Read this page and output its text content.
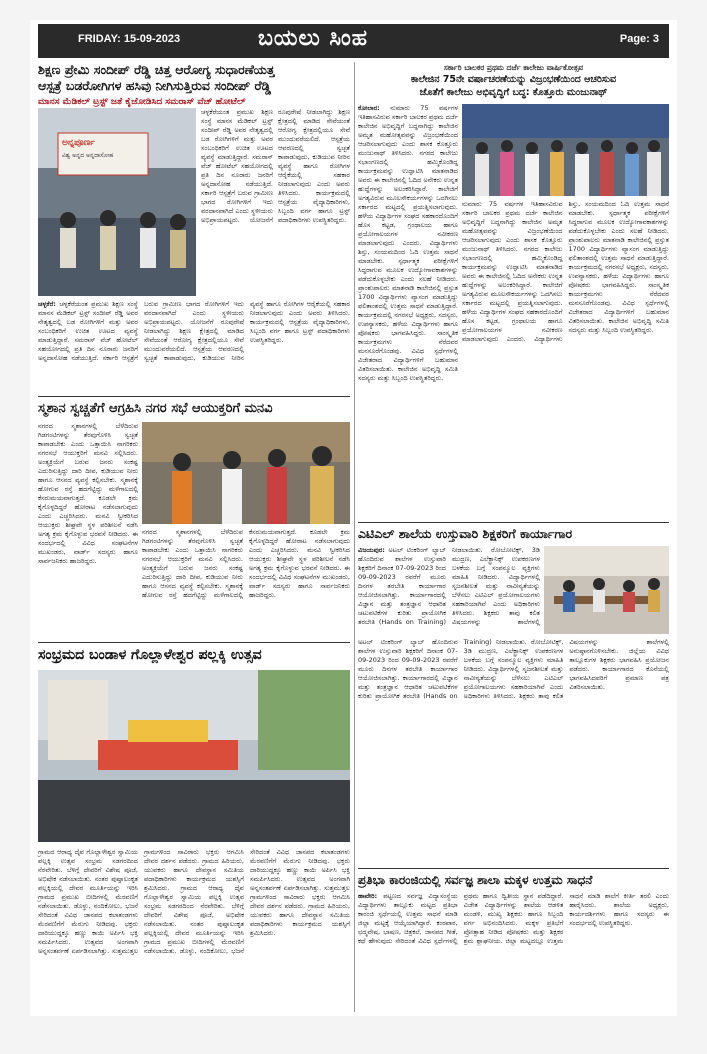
FRIDAY: 15-09-2023	ಬಯಲು ಸಿಂಹ	Page: 3
ಶಿಕ್ಷಣ ಪ್ರೇಮಿ ಸಂದೀಪ್ ರೆಡ್ಡಿ ಚಿತ್ತ ಆರೋಗ್ಯ ಸುಧಾರಣೆಯತ್ತ
ಆಸ್ಪತ್ರೆ ಬಡರೋಗಿಗಳ ಹಸಿವು ನೀಗಿಸುತ್ತಿರುವ ಸಂದೀಪ್ ರೆಡ್ಡಿ
ಮಾನಸ ಮೆಡಿಕಲ್ ಟ್ರಸ್ಟ್ ಜತೆ ಕೈಜೋಡಿಸಿದ ಸಮರಾಸ್ ವೆಜ್ ಹೋಟೆಲ್
ಅನ್ನಪೂರ್ಣ
ವಿಶ್ವ ಅನ್ನದ ಅನ್ನದಾಸೋಹ
ಚಳ್ಳಕೆರೆಯಂತ ಪ್ರಮುಖ ಶಿಕ್ಷಣ ಸಂಸ್ಥೆ ಮಾನಸ ಮೆಡಿಕಲ್ ಟ್ರಸ್ಟ್ ಸಂದೀಪ್ ರೆಡ್ಡಿ ಅವರ ನೇತೃತ್ವದಲ್ಲಿ ಬಡ ರೋಗಿಗಳಿಗೆ ಮತ್ತು ಅವರ ಸಂಬಂಧಿಕರಿಗೆ ಉಚಿತ ಊಟದ ವ್ಯವಸ್ಥೆ ಮಾಡುತ್ತಿದ್ದಾರೆ. ಸಮರಾಸ್ ವೆಜ್ ಹೋಟೆಲ್ ಸಹಯೋಗದಲ್ಲಿ ಪ್ರತಿ ದಿನ ನೂರಾರು ಜನರಿಗೆ ಅನ್ನದಾಸೋಹ ನಡೆಯುತ್ತಿದೆ. ಸರ್ಕಾರಿ ಆಸ್ಪತ್ರೆಗೆ ಬರುವ ಗ್ರಾಮೀಣ ಭಾಗದ ರೋಗಿಗಳಿಗೆ ಇದು ವರದಾನವಾಗಿದೆ ಎಂದು ಸ್ಥಳೀಯರು ಅಭಿಪ್ರಾಯಪಟ್ಟರು. ಯೋಜನೆಗೆ ರೂಪುರೇಷೆ ನೀಡಲಾಗಿದ್ದು ಶಿಕ್ಷಣ ಕ್ಷೇತ್ರದಲ್ಲಿ ಮಾಡಿದ ಸೇವೆಯಂತೆ ಆರೋಗ್ಯ ಕ್ಷೇತ್ರದಲ್ಲಿಯೂ ಸೇವೆ ಮುಂದುವರೆಯಲಿದೆ. ಆಸ್ಪತ್ರೆಯ ಆವರಣದಲ್ಲಿ ಸ್ವಚ್ಛತೆ ಕಾಪಾಡುವುದು, ಕುಡಿಯುವ ನೀರಿನ ವ್ಯವಸ್ಥೆ ಹಾಗೂ ರೋಗಿಗಳ ಆರೈಕೆಯಲ್ಲಿ ಸಹಕಾರ ನೀಡಲಾಗುವುದು ಎಂದು ಅವರು ತಿಳಿಸಿದರು. ಕಾರ್ಯಕ್ರಮದಲ್ಲಿ ಆಸ್ಪತ್ರೆಯ ವೈದ್ಯಾಧಿಕಾರಿಗಳು, ಸಿಬ್ಬಂದಿ ವರ್ಗ ಹಾಗೂ ಟ್ರಸ್ಟ್ ಪದಾಧಿಕಾರಿಗಳು ಉಪಸ್ಥಿತರಿದ್ದರು.
ಚಳ್ಳಕೆರೆ: ಚಳ್ಳಕೆರೆಯಂತ ಪ್ರಮುಖ ಶಿಕ್ಷಣ ಸಂಸ್ಥೆ ಮಾನಸ ಮೆಡಿಕಲ್ ಟ್ರಸ್ಟ್ ಸಂದೀಪ್ ರೆಡ್ಡಿ ಅವರ ನೇತೃತ್ವದಲ್ಲಿ ಬಡ ರೋಗಿಗಳಿಗೆ ಮತ್ತು ಅವರ ಸಂಬಂಧಿಕರಿಗೆ ಉಚಿತ ಊಟದ ವ್ಯವಸ್ಥೆ ಮಾಡುತ್ತಿದ್ದಾರೆ. ಸಮರಾಸ್ ವೆಜ್ ಹೋಟೆಲ್ ಸಹಯೋಗದಲ್ಲಿ ಪ್ರತಿ ದಿನ ನೂರಾರು ಜನರಿಗೆ ಅನ್ನದಾಸೋಹ ನಡೆಯುತ್ತಿದೆ. ಸರ್ಕಾರಿ ಆಸ್ಪತ್ರೆಗೆ ಬರುವ ಗ್ರಾಮೀಣ ಭಾಗದ ರೋಗಿಗಳಿಗೆ ಇದು ವರದಾನವಾಗಿದೆ ಎಂದು ಸ್ಥಳೀಯರು ಅಭಿಪ್ರಾಯಪಟ್ಟರು. ಯೋಜನೆಗೆ ರೂಪುರೇಷೆ ನೀಡಲಾಗಿದ್ದು ಶಿಕ್ಷಣ ಕ್ಷೇತ್ರದಲ್ಲಿ ಮಾಡಿದ ಸೇವೆಯಂತೆ ಆರೋಗ್ಯ ಕ್ಷೇತ್ರದಲ್ಲಿಯೂ ಸೇವೆ ಮುಂದುವರೆಯಲಿದೆ. ಆಸ್ಪತ್ರೆಯ ಆವರಣದಲ್ಲಿ ಸ್ವಚ್ಛತೆ ಕಾಪಾಡುವುದು, ಕುಡಿಯುವ ನೀರಿನ ವ್ಯವಸ್ಥೆ ಹಾಗೂ ರೋಗಿಗಳ ಆರೈಕೆಯಲ್ಲಿ ಸಹಕಾರ ನೀಡಲಾಗುವುದು ಎಂದು ಅವರು ತಿಳಿಸಿದರು. ಕಾರ್ಯಕ್ರಮದಲ್ಲಿ ಆಸ್ಪತ್ರೆಯ ವೈದ್ಯಾಧಿಕಾರಿಗಳು, ಸಿಬ್ಬಂದಿ ವರ್ಗ ಹಾಗೂ ಟ್ರಸ್ಟ್ ಪದಾಧಿಕಾರಿಗಳು ಉಪಸ್ಥಿತರಿದ್ದರು.
ಸ್ಮಶಾನ ಸ್ವಚ್ಚತೆಗೆ ಆಗ್ರಹಿಸಿ ನಗರ ಸಭೆ ಆಯುಕ್ತರಿಗೆ ಮನವಿ
ನಗರದ ಸ್ಮಶಾನಗಳಲ್ಲಿ ಬೆಳೆದಿರುವ ಗಿಡಗಂಟಿಗಳನ್ನು ತೆರವುಗೊಳಿಸಿ ಸ್ವಚ್ಛತೆ ಕಾಪಾಡಬೇಕು ಎಂದು ಒತ್ತಾಯಿಸಿ ನಾಗರಿಕರು ನಗರಸಭೆ ಆಯುಕ್ತರಿಗೆ ಮನವಿ ಸಲ್ಲಿಸಿದರು. ಅಂತ್ಯಕ್ರಿಯೆಗೆ ಬರುವ ಜನರು ಸಂಕಷ್ಟ ಎದುರಿಸುತ್ತಿದ್ದು ದಾರಿ ದೀಪ, ಕುಡಿಯುವ ನೀರು ಹಾಗೂ ಆಸನದ ವ್ಯವಸ್ಥೆ ಕಲ್ಪಿಸಬೇಕು. ಸ್ಮಶಾನಕ್ಕೆ ಹೋಗುವ ರಸ್ತೆ ಹದಗೆಟ್ಟಿದ್ದು ಮಳೆಗಾಲದಲ್ಲಿ ಕೆಸರುಮಯವಾಗುತ್ತದೆ. ಕೂಡಲೇ ಕ್ರಮ ಕೈಗೊಳ್ಳದಿದ್ದರೆ ಹೋರಾಟ ನಡೆಸಲಾಗುವುದು ಎಂದು ಎಚ್ಚರಿಸಿದರು. ಮನವಿ ಸ್ವೀಕರಿಸಿದ ಆಯುಕ್ತರು ಶೀಘ್ರವೇ ಸ್ಥಳ ಪರಿಶೀಲನೆ ನಡೆಸಿ ಅಗತ್ಯ ಕ್ರಮ ಕೈಗೊಳ್ಳುವ ಭರವಸೆ ನೀಡಿದರು. ಈ ಸಂದರ್ಭದಲ್ಲಿ ವಿವಿಧ ಸಂಘಟನೆಗಳ ಮುಖಂಡರು, ವಾರ್ಡ್ ಸದಸ್ಯರು ಹಾಗೂ ಸಾರ್ವಜನಿಕರು ಹಾಜರಿದ್ದರು.
ನಗರದ ಸ್ಮಶಾನಗಳಲ್ಲಿ ಬೆಳೆದಿರುವ ಗಿಡಗಂಟಿಗಳನ್ನು ತೆರವುಗೊಳಿಸಿ ಸ್ವಚ್ಛತೆ ಕಾಪಾಡಬೇಕು ಎಂದು ಒತ್ತಾಯಿಸಿ ನಾಗರಿಕರು ನಗರಸಭೆ ಆಯುಕ್ತರಿಗೆ ಮನವಿ ಸಲ್ಲಿಸಿದರು. ಅಂತ್ಯಕ್ರಿಯೆಗೆ ಬರುವ ಜನರು ಸಂಕಷ್ಟ ಎದುರಿಸುತ್ತಿದ್ದು ದಾರಿ ದೀಪ, ಕುಡಿಯುವ ನೀರು ಹಾಗೂ ಆಸನದ ವ್ಯವಸ್ಥೆ ಕಲ್ಪಿಸಬೇಕು. ಸ್ಮಶಾನಕ್ಕೆ ಹೋಗುವ ರಸ್ತೆ ಹದಗೆಟ್ಟಿದ್ದು ಮಳೆಗಾಲದಲ್ಲಿ ಕೆಸರುಮಯವಾಗುತ್ತದೆ. ಕೂಡಲೇ ಕ್ರಮ ಕೈಗೊಳ್ಳದಿದ್ದರೆ ಹೋರಾಟ ನಡೆಸಲಾಗುವುದು ಎಂದು ಎಚ್ಚರಿಸಿದರು. ಮನವಿ ಸ್ವೀಕರಿಸಿದ ಆಯುಕ್ತರು ಶೀಘ್ರವೇ ಸ್ಥಳ ಪರಿಶೀಲನೆ ನಡೆಸಿ ಅಗತ್ಯ ಕ್ರಮ ಕೈಗೊಳ್ಳುವ ಭರವಸೆ ನೀಡಿದರು. ಈ ಸಂದರ್ಭದಲ್ಲಿ ವಿವಿಧ ಸಂಘಟನೆಗಳ ಮುಖಂಡರು, ವಾರ್ಡ್ ಸದಸ್ಯರು ಹಾಗೂ ಸಾರ್ವಜನಿಕರು ಹಾಜರಿದ್ದರು.
ಸಂಭ್ರಮದ ಬಂಡಾಳ ಗೊಲ್ಲಾಳೇಶ್ವರ ಪಲ್ಲಕ್ಕಿ ಉತ್ಸವ
ಗ್ರಾಮದ ಆರಾಧ್ಯ ದೈವ ಗೊಲ್ಲಾಳೇಶ್ವರ ಸ್ವಾಮಿಯ ಪಲ್ಲಕ್ಕಿ ಉತ್ಸವ ಸಂಭ್ರಮ ಸಡಗರದಿಂದ ನೆರವೇರಿತು. ಬೆಳಿಗ್ಗೆ ದೇವರಿಗೆ ವಿಶೇಷ ಪೂಜೆ, ಅಭಿಷೇಕ ನಡೆಸಲಾಯಿತು. ನಂತರ ಪುಷ್ಪಾಲಂಕೃತ ಪಲ್ಲಕ್ಕಿಯಲ್ಲಿ ದೇವರ ಮೂರ್ತಿಯನ್ನು ಇರಿಸಿ ಗ್ರಾಮದ ಪ್ರಮುಖ ಬೀದಿಗಳಲ್ಲಿ ಮೆರವಣಿಗೆ ನಡೆಸಲಾಯಿತು. ಡೊಳ್ಳು, ನಂದಿಕೋಲು, ಭಜನೆ ಸೇರಿದಂತೆ ವಿವಿಧ ಜಾನಪದ ಕಲಾತಂಡಗಳು ಮೆರವಣಿಗೆಗೆ ಮೆರುಗು ನೀಡಿದವು. ಭಕ್ತರು ದಾರಿಯುದ್ದಕ್ಕೂ ಹಣ್ಣು ಕಾಯಿ ಅರ್ಪಿಸಿ ಭಕ್ತಿ ಸಮರ್ಪಿಸಿದರು. ಉತ್ಸವದ ಅಂಗವಾಗಿ ಅನ್ನಸಂತರ್ಪಣೆ ಏರ್ಪಡಿಸಲಾಗಿತ್ತು. ಸುತ್ತಮುತ್ತಲ ಗ್ರಾಮಗಳಿಂದ ಸಾವಿರಾರು ಭಕ್ತರು ಆಗಮಿಸಿ ದೇವರ ದರ್ಶನ ಪಡೆದರು. ಗ್ರಾಮದ ಹಿರಿಯರು, ಯುವಕರು ಹಾಗೂ ದೇವಸ್ಥಾನ ಸಮಿತಿಯ ಪದಾಧಿಕಾರಿಗಳು ಕಾರ್ಯಕ್ರಮದ ಯಶಸ್ಸಿಗೆ ಶ್ರಮಿಸಿದರು. ಗ್ರಾಮದ ಆರಾಧ್ಯ ದೈವ ಗೊಲ್ಲಾಳೇಶ್ವರ ಸ್ವಾಮಿಯ ಪಲ್ಲಕ್ಕಿ ಉತ್ಸವ ಸಂಭ್ರಮ ಸಡಗರದಿಂದ ನೆರವೇರಿತು. ಬೆಳಿಗ್ಗೆ ದೇವರಿಗೆ ವಿಶೇಷ ಪೂಜೆ, ಅಭಿಷೇಕ ನಡೆಸಲಾಯಿತು. ನಂತರ ಪುಷ್ಪಾಲಂಕೃತ ಪಲ್ಲಕ್ಕಿಯಲ್ಲಿ ದೇವರ ಮೂರ್ತಿಯನ್ನು ಇರಿಸಿ ಗ್ರಾಮದ ಪ್ರಮುಖ ಬೀದಿಗಳಲ್ಲಿ ಮೆರವಣಿಗೆ ನಡೆಸಲಾಯಿತು. ಡೊಳ್ಳು, ನಂದಿಕೋಲು, ಭಜನೆ ಸೇರಿದಂತೆ ವಿವಿಧ ಜಾನಪದ ಕಲಾತಂಡಗಳು ಮೆರವಣಿಗೆಗೆ ಮೆರುಗು ನೀಡಿದವು. ಭಕ್ತರು ದಾರಿಯುದ್ದಕ್ಕೂ ಹಣ್ಣು ಕಾಯಿ ಅರ್ಪಿಸಿ ಭಕ್ತಿ ಸಮರ್ಪಿಸಿದರು. ಉತ್ಸವದ ಅಂಗವಾಗಿ ಅನ್ನಸಂತರ್ಪಣೆ ಏರ್ಪಡಿಸಲಾಗಿತ್ತು. ಸುತ್ತಮುತ್ತಲ ಗ್ರಾಮಗಳಿಂದ ಸಾವಿರಾರು ಭಕ್ತರು ಆಗಮಿಸಿ ದೇವರ ದರ್ಶನ ಪಡೆದರು. ಗ್ರಾಮದ ಹಿರಿಯರು, ಯುವಕರು ಹಾಗೂ ದೇವಸ್ಥಾನ ಸಮಿತಿಯ ಪದಾಧಿಕಾರಿಗಳು ಕಾರ್ಯಕ್ರಮದ ಯಶಸ್ಸಿಗೆ ಶ್ರಮಿಸಿದರು.
ಸರ್ಕಾರಿ ಬಾಲಕರ ಪ್ರಥಮ ದರ್ಜೆ ಕಾಲೇಜು ವಾರ್ಷಿಕೋತ್ಸವ
ಕಾಲೇಜಿನ 75ನೇ ವರ್ಷಾಚರಣೆಯನ್ನು ವಿಜ್ರಂಭಣೆಯಿಂದ ಆಚರಿಸುವ
ಜೊತೆಗೆ ಕಾಲೇಜು ಅಭಿವೃದ್ಧಿಗೆ ಬದ್ಧ: ಕೊತ್ತೂರು ಮಂಜುನಾಥ್
ಕೋಲಾರ: ನುಮಾರು 75 ವರ್ಷಗಳ ಇತಿಹಾಸವಿರುವ ಸರ್ಕಾರಿ ಬಾಲಕರ ಪ್ರಥಮ ದರ್ಜೆ ಕಾಲೇಜಿನ ಅಭಿವೃದ್ಧಿಗೆ ಬದ್ಧನಾಗಿದ್ದು ಕಾಲೇಜಿನ ಅಮೃತ ಮಹೋತ್ಸವವನ್ನು ವಿಜ್ರಂಭಣೆಯಿಂದ ಆಚರಿಸಲಾಗುವುದು ಎಂದು ಶಾಸಕ ಕೊತ್ತೂರು ಮಂಜುನಾಥ್ ತಿಳಿಸಿದರು. ನಗರದ ಕಾಲೇಜು ಸಭಾಂಗಣದಲ್ಲಿ ಹಮ್ಮಿಕೊಂಡಿದ್ದ ಕಾರ್ಯಕ್ರಮವನ್ನು ಉದ್ಘಾಟಿಸಿ ಮಾತನಾಡಿದ ಅವರು ಈ ಕಾಲೇಜಿನಲ್ಲಿ ಓದಿದ ಅನೇಕರು ಉನ್ನತ ಹುದ್ದೆಗಳನ್ನು ಅಲಂಕರಿಸಿದ್ದಾರೆ. ಕಾಲೇಜಿಗೆ ಅಗತ್ಯವಿರುವ ಮೂಲಸೌಕರ್ಯಗಳನ್ನು ಒದಗಿಸಲು ಸರ್ಕಾರದ ಮಟ್ಟದಲ್ಲಿ ಪ್ರಯತ್ನಿಸಲಾಗುವುದು. ಹಳೆಯ ವಿದ್ಯಾರ್ಥಿಗಳ ಸಂಘದ ಸಹಕಾರದೊಂದಿಗೆ ಹೊಸ ಕಟ್ಟಡ, ಗ್ರಂಥಾಲಯ ಹಾಗೂ ಪ್ರಯೋಗಾಲಯಗಳ ನವೀಕರಣ ಮಾಡಲಾಗುವುದು ಎಂದರು. ವಿದ್ಯಾರ್ಥಿಗಳು ಶಿಸ್ತು, ಸಂಯಮದಿಂದ ಓದಿ ಉತ್ತಮ ಸಾಧನೆ ಮಾಡಬೇಕು. ಸ್ಪರ್ಧಾತ್ಮಕ ಪರೀಕ್ಷೆಗಳಿಗೆ ಸಿದ್ಧರಾಗುವ ಮೂಲಕ ಉದ್ಯೋಗಾವಕಾಶಗಳನ್ನು ಪಡೆದುಕೊಳ್ಳಬೇಕು ಎಂದು ಸಲಹೆ ನೀಡಿದರು. ಪ್ರಾಂಶುಪಾಲರು ಮಾತನಾಡಿ ಕಾಲೇಜಿನಲ್ಲಿ ಪ್ರಸ್ತುತ 1700 ವಿದ್ಯಾರ್ಥಿಗಳು ವ್ಯಾಸಂಗ ಮಾಡುತ್ತಿದ್ದು ಫಲಿತಾಂಶದಲ್ಲಿ ಉತ್ತಮ ಸಾಧನೆ ಮಾಡುತ್ತಿದ್ದಾರೆ. ಕಾರ್ಯಕ್ರಮದಲ್ಲಿ ನಗರಸಭೆ ಅಧ್ಯಕ್ಷರು, ಸದಸ್ಯರು, ಉಪನ್ಯಾಸಕರು, ಹಳೆಯ ವಿದ್ಯಾರ್ಥಿಗಳು ಹಾಗೂ ಪೋಷಕರು ಭಾಗವಹಿಸಿದ್ದರು. ಸಾಂಸ್ಕೃತಿಕ ಕಾರ್ಯಕ್ರಮಗಳು ನೆರೆದವರ ಮನಸೂರೆಗೊಂಡವು. ವಿವಿಧ ಸ್ಪರ್ಧೆಗಳಲ್ಲಿ ವಿಜೇತರಾದ ವಿದ್ಯಾರ್ಥಿಗಳಿಗೆ ಬಹುಮಾನ ವಿತರಿಸಲಾಯಿತು. ಕಾಲೇಜಿನ ಅಭಿವೃದ್ಧಿ ಸಮಿತಿ ಸದಸ್ಯರು ಮತ್ತು ಸಿಬ್ಬಂದಿ ಉಪಸ್ಥಿತರಿದ್ದರು.
ನುಮಾರು 75 ವರ್ಷಗಳ ಇತಿಹಾಸವಿರುವ ಸರ್ಕಾರಿ ಬಾಲಕರ ಪ್ರಥಮ ದರ್ಜೆ ಕಾಲೇಜಿನ ಅಭಿವೃದ್ಧಿಗೆ ಬದ್ಧನಾಗಿದ್ದು ಕಾಲೇಜಿನ ಅಮೃತ ಮಹೋತ್ಸವವನ್ನು ವಿಜ್ರಂಭಣೆಯಿಂದ ಆಚರಿಸಲಾಗುವುದು ಎಂದು ಶಾಸಕ ಕೊತ್ತೂರು ಮಂಜುನಾಥ್ ತಿಳಿಸಿದರು. ನಗರದ ಕಾಲೇಜು ಸಭಾಂಗಣದಲ್ಲಿ ಹಮ್ಮಿಕೊಂಡಿದ್ದ ಕಾರ್ಯಕ್ರಮವನ್ನು ಉದ್ಘಾಟಿಸಿ ಮಾತನಾಡಿದ ಅವರು ಈ ಕಾಲೇಜಿನಲ್ಲಿ ಓದಿದ ಅನೇಕರು ಉನ್ನತ ಹುದ್ದೆಗಳನ್ನು ಅಲಂಕರಿಸಿದ್ದಾರೆ. ಕಾಲೇಜಿಗೆ ಅಗತ್ಯವಿರುವ ಮೂಲಸೌಕರ್ಯಗಳನ್ನು ಒದಗಿಸಲು ಸರ್ಕಾರದ ಮಟ್ಟದಲ್ಲಿ ಪ್ರಯತ್ನಿಸಲಾಗುವುದು. ಹಳೆಯ ವಿದ್ಯಾರ್ಥಿಗಳ ಸಂಘದ ಸಹಕಾರದೊಂದಿಗೆ ಹೊಸ ಕಟ್ಟಡ, ಗ್ರಂಥಾಲಯ ಹಾಗೂ ಪ್ರಯೋಗಾಲಯಗಳ ನವೀಕರಣ ಮಾಡಲಾಗುವುದು ಎಂದರು. ವಿದ್ಯಾರ್ಥಿಗಳು ಶಿಸ್ತು, ಸಂಯಮದಿಂದ ಓದಿ ಉತ್ತಮ ಸಾಧನೆ ಮಾಡಬೇಕು. ಸ್ಪರ್ಧಾತ್ಮಕ ಪರೀಕ್ಷೆಗಳಿಗೆ ಸಿದ್ಧರಾಗುವ ಮೂಲಕ ಉದ್ಯೋಗಾವಕಾಶಗಳನ್ನು ಪಡೆದುಕೊಳ್ಳಬೇಕು ಎಂದು ಸಲಹೆ ನೀಡಿದರು. ಪ್ರಾಂಶುಪಾಲರು ಮಾತನಾಡಿ ಕಾಲೇಜಿನಲ್ಲಿ ಪ್ರಸ್ತುತ 1700 ವಿದ್ಯಾರ್ಥಿಗಳು ವ್ಯಾಸಂಗ ಮಾಡುತ್ತಿದ್ದು ಫಲಿತಾಂಶದಲ್ಲಿ ಉತ್ತಮ ಸಾಧನೆ ಮಾಡುತ್ತಿದ್ದಾರೆ. ಕಾರ್ಯಕ್ರಮದಲ್ಲಿ ನಗರಸಭೆ ಅಧ್ಯಕ್ಷರು, ಸದಸ್ಯರು, ಉಪನ್ಯಾಸಕರು, ಹಳೆಯ ವಿದ್ಯಾರ್ಥಿಗಳು ಹಾಗೂ ಪೋಷಕರು ಭಾಗವಹಿಸಿದ್ದರು. ಸಾಂಸ್ಕೃತಿಕ ಕಾರ್ಯಕ್ರಮಗಳು ನೆರೆದವರ ಮನಸೂರೆಗೊಂಡವು. ವಿವಿಧ ಸ್ಪರ್ಧೆಗಳಲ್ಲಿ ವಿಜೇತರಾದ ವಿದ್ಯಾರ್ಥಿಗಳಿಗೆ ಬಹುಮಾನ ವಿತರಿಸಲಾಯಿತು. ಕಾಲೇಜಿನ ಅಭಿವೃದ್ಧಿ ಸಮಿತಿ ಸದಸ್ಯರು ಮತ್ತು ಸಿಬ್ಬಂದಿ ಉಪಸ್ಥಿತರಿದ್ದರು.
ಎಟಿಎಲ್ ಶಾಲೆಯ ಉಸ್ತುವಾರಿ ಶಿಕ್ಷಕರಿಗೆ ಕಾರ್ಯಾಗಾರ
ವಿಜಯಪುರ: ಅಟಲ್ ಟಿಂಕರಿಂಗ್ ಲ್ಯಾಬ್ ಹೊಂದಿರುವ ಶಾಲೆಗಳ ಉಸ್ತುವಾರಿ ಶಿಕ್ಷಕರಿಗೆ ದಿನಾಂಕ 07-09-2023 ರಿಂದ 09-09-2023 ರವರೆಗೆ ಮೂರು ದಿನಗಳ ತರಬೇತಿ ಕಾರ್ಯಾಗಾರ ಆಯೋಜಿಸಲಾಗಿತ್ತು. ಕಾರ್ಯಾಗಾರದಲ್ಲಿ ವಿಜ್ಞಾನ ಮತ್ತು ತಂತ್ರಜ್ಞಾನ ಆಧಾರಿತ ಚಟುವಟಿಕೆಗಳ ಕುರಿತು ಪ್ರಾಯೋಗಿಕ ತರಬೇತಿ (Hands on Training) ನೀಡಲಾಯಿತು. ರೋಬೋಟಿಕ್ಸ್, 3ಡಿ ಮುದ್ರಣ, ಎಲೆಕ್ಟ್ರಾನಿಕ್ಸ್ ಉಪಕರಣಗಳ ಬಳಕೆಯ ಬಗ್ಗೆ ಸಂಪನ್ಮೂಲ ವ್ಯಕ್ತಿಗಳು ಮಾಹಿತಿ ನೀಡಿದರು. ವಿದ್ಯಾರ್ಥಿಗಳಲ್ಲಿ ಸೃಜನಶೀಲತೆ ಮತ್ತು ನಾವೀನ್ಯತೆಯನ್ನು ಬೆಳೆಸಲು ಎಟಿಎಲ್ ಪ್ರಯೋಗಾಲಯಗಳು ಸಹಕಾರಿಯಾಗಿವೆ ಎಂದು ಅಧಿಕಾರಿಗಳು ತಿಳಿಸಿದರು. ಶಿಕ್ಷಕರು ತಾವು ಕಲಿತ ವಿಷಯಗಳನ್ನು ಶಾಲೆಗಳಲ್ಲಿ
ಅಟಲ್ ಟಿಂಕರಿಂಗ್ ಲ್ಯಾಬ್ ಹೊಂದಿರುವ ಶಾಲೆಗಳ ಉಸ್ತುವಾರಿ ಶಿಕ್ಷಕರಿಗೆ ದಿನಾಂಕ 07-09-2023 ರಿಂದ 09-09-2023 ರವರೆಗೆ ಮೂರು ದಿನಗಳ ತರಬೇತಿ ಕಾರ್ಯಾಗಾರ ಆಯೋಜಿಸಲಾಗಿತ್ತು. ಕಾರ್ಯಾಗಾರದಲ್ಲಿ ವಿಜ್ಞಾನ ಮತ್ತು ತಂತ್ರಜ್ಞಾನ ಆಧಾರಿತ ಚಟುವಟಿಕೆಗಳ ಕುರಿತು ಪ್ರಾಯೋಗಿಕ ತರಬೇತಿ (Hands on Training) ನೀಡಲಾಯಿತು. ರೋಬೋಟಿಕ್ಸ್, 3ಡಿ ಮುದ್ರಣ, ಎಲೆಕ್ಟ್ರಾನಿಕ್ಸ್ ಉಪಕರಣಗಳ ಬಳಕೆಯ ಬಗ್ಗೆ ಸಂಪನ್ಮೂಲ ವ್ಯಕ್ತಿಗಳು ಮಾಹಿತಿ ನೀಡಿದರು. ವಿದ್ಯಾರ್ಥಿಗಳಲ್ಲಿ ಸೃಜನಶೀಲತೆ ಮತ್ತು ನಾವೀನ್ಯತೆಯನ್ನು ಬೆಳೆಸಲು ಎಟಿಎಲ್ ಪ್ರಯೋಗಾಲಯಗಳು ಸಹಕಾರಿಯಾಗಿವೆ ಎಂದು ಅಧಿಕಾರಿಗಳು ತಿಳಿಸಿದರು. ಶಿಕ್ಷಕರು ತಾವು ಕಲಿತ ವಿಷಯಗಳನ್ನು ಶಾಲೆಗಳಲ್ಲಿ ಅನುಷ್ಠಾನಗೊಳಿಸಬೇಕು. ಜಿಲ್ಲೆಯ ವಿವಿಧ ತಾಲ್ಲೂಕುಗಳ ಶಿಕ್ಷಕರು ಭಾಗವಹಿಸಿ ಪ್ರಯೋಜನ ಪಡೆದರು. ಕಾರ್ಯಾಗಾರದ ಕೊನೆಯಲ್ಲಿ ಭಾಗವಹಿಸಿದವರಿಗೆ ಪ್ರಮಾಣ ಪತ್ರ ವಿತರಿಸಲಾಯಿತು.
ಪ್ರತಿಭಾ ಕಾರಂಜಿಯಲ್ಲಿ ಸರ್ವಜ್ಞ ಶಾಲಾ ಮಕ್ಕಳ ಉತ್ತಮ ಸಾಧನೆ
ಹಾವೇರಿ: ಪಟ್ಟಣದ ಸರ್ವಜ್ಞ ವಿದ್ಯಾಸಂಸ್ಥೆಯ ವಿದ್ಯಾರ್ಥಿಗಳು ತಾಲ್ಲೂಕು ಮಟ್ಟದ ಪ್ರತಿಭಾ ಕಾರಂಜಿ ಸ್ಪರ್ಧೆಯಲ್ಲಿ ಉತ್ತಮ ಸಾಧನೆ ಮಾಡಿ ಜಿಲ್ಲಾ ಮಟ್ಟಕ್ಕೆ ಆಯ್ಕೆಯಾಗಿದ್ದಾರೆ. ಕಂಠಪಾಠ, ಛದ್ಮವೇಷ, ಭಾಷಣ, ಚಿತ್ರಕಲೆ, ಜಾನಪದ ಗೀತೆ, ಕಥೆ ಹೇಳುವುದು ಸೇರಿದಂತೆ ವಿವಿಧ ಸ್ಪರ್ಧೆಗಳಲ್ಲಿ ಪ್ರಥಮ ಹಾಗೂ ದ್ವಿತೀಯ ಸ್ಥಾನ ಪಡೆದಿದ್ದಾರೆ. ವಿಜೇತ ವಿದ್ಯಾರ್ಥಿಗಳನ್ನು ಶಾಲೆಯ ಆಡಳಿತ ಮಂಡಳಿ, ಮುಖ್ಯ ಶಿಕ್ಷಕರು ಹಾಗೂ ಸಿಬ್ಬಂದಿ ವರ್ಗ ಅಭಿನಂದಿಸಿದರು. ಮಕ್ಕಳ ಪ್ರತಿಭೆಗೆ ಪ್ರೋತ್ಸಾಹ ನೀಡಿದ ಪೋಷಕರು ಮತ್ತು ಶಿಕ್ಷಕರ ಶ್ರಮ ಶ್ಲಾಘನೀಯ. ಜಿಲ್ಲಾ ಮಟ್ಟದಲ್ಲೂ ಉತ್ತಮ ಸಾಧನೆ ಮಾಡಿ ಶಾಲೆಗೆ ಕೀರ್ತಿ ತರಲಿ ಎಂದು ಹಾರೈಸಿದರು. ಶಾಲೆಯ ಅಧ್ಯಕ್ಷರು, ಕಾರ್ಯದರ್ಶಿಗಳು ಹಾಗೂ ಸದಸ್ಯರು ಈ ಸಂದರ್ಭದಲ್ಲಿ ಉಪಸ್ಥಿತರಿದ್ದರು.
